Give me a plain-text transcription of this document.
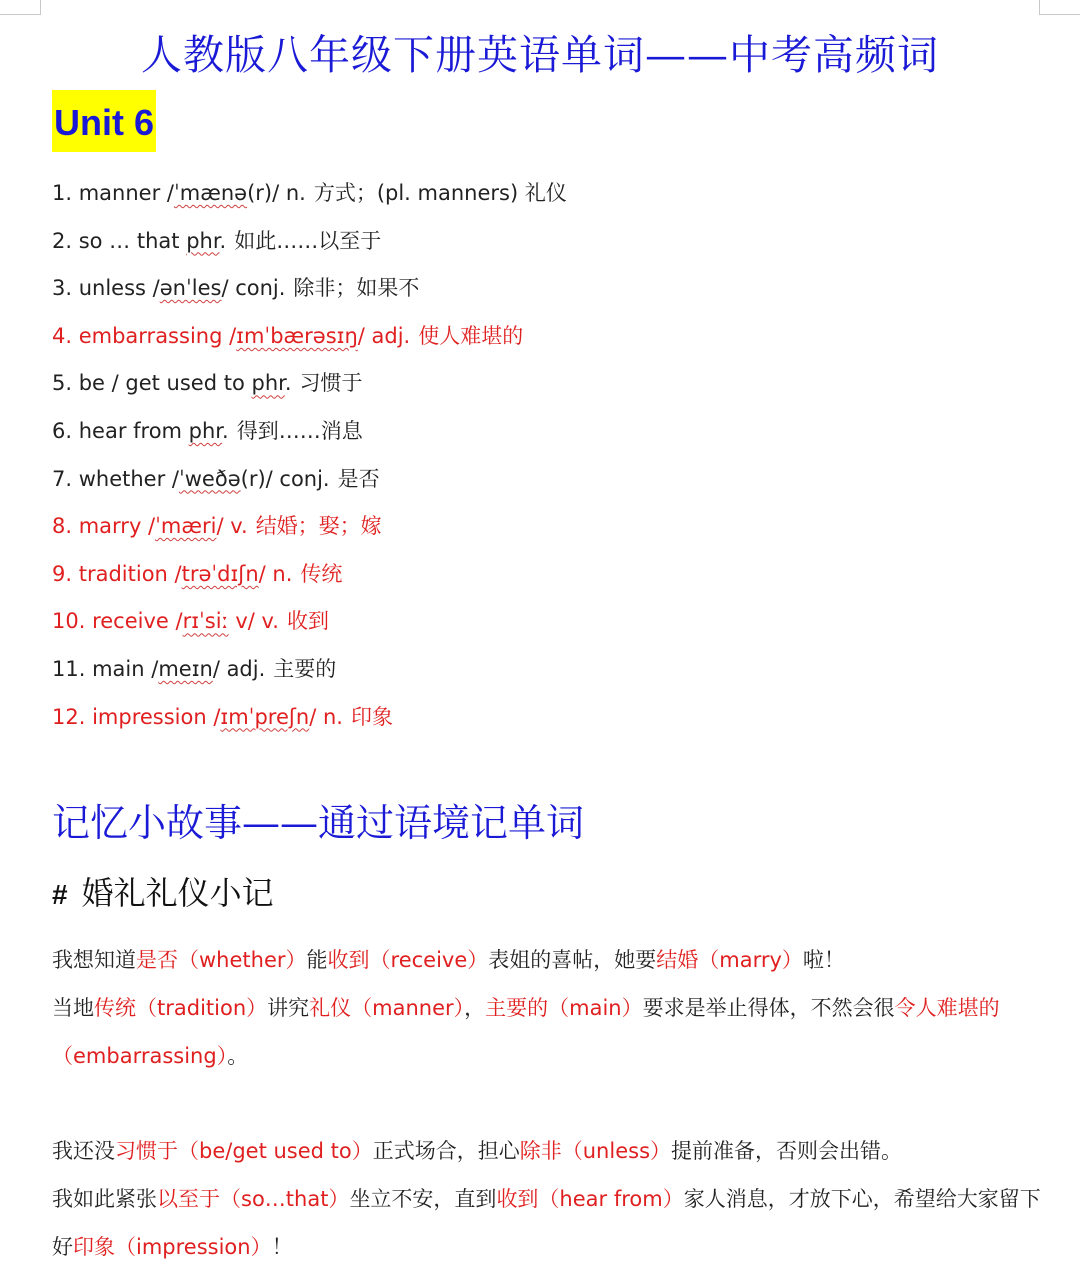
人教版八年级下册英语单词——中考高频词
Unit 6
1. manner /ˈmænə(r)/ n. 方式；(pl. manners) 礼仪
2. so … that phr. 如此……以至于
3. unless /ənˈles/ conj. 除非；如果不
4. embarrassing /ɪmˈbærəsɪŋ/ adj. 使人难堪的
5. be / get used to phr. 习惯于
6. hear from phr. 得到……消息
7. whether /ˈweðə(r)/ conj. 是否
8. marry /ˈmæri/ v. 结婚；娶；嫁
9. tradition /trəˈdɪʃn/ n. 传统
10. receive /rɪˈsiː v/ v. 收到
11. main /meɪn/ adj. 主要的
12. impression /ɪmˈpreʃn/ n. 印象
记忆小故事——通过语境记单词
# 婚礼礼仪小记
我想知道是否（whether）能收到（receive）表姐的喜帖，她要结婚（marry）啦！
当地传统（tradition）讲究礼仪（manner），主要的（main）要求是举止得体，不然会很令人难堪的（embarrassing）。
我还没习惯于（be/get used to）正式场合，担心除非（unless）提前准备，否则会出错。
我如此紧张以至于（so…that）坐立不安，直到收到（hear from）家人消息，才放下心，希望给大家留下好印象（impression）！
